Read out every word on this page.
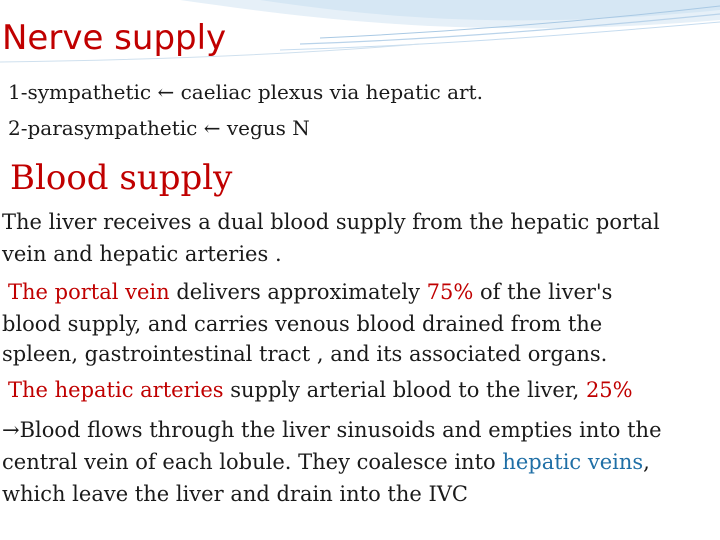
Nerve supply
1-sympathetic ← caeliac plexus via hepatic art.
2-parasympathetic ← vegus N
Blood supply
The liver receives a dual blood supply from the hepatic portal
vein and hepatic arteries .
The portal vein delivers approximately 75% of the liver's
blood supply, and carries venous blood drained from the
spleen, gastrointestinal tract , and its associated organs.
The hepatic arteries supply arterial blood to the liver, 25%
→Blood flows through the liver sinusoids and empties into the
central vein of each lobule. They coalesce into hepatic veins,
which leave the liver and drain into the IVC
